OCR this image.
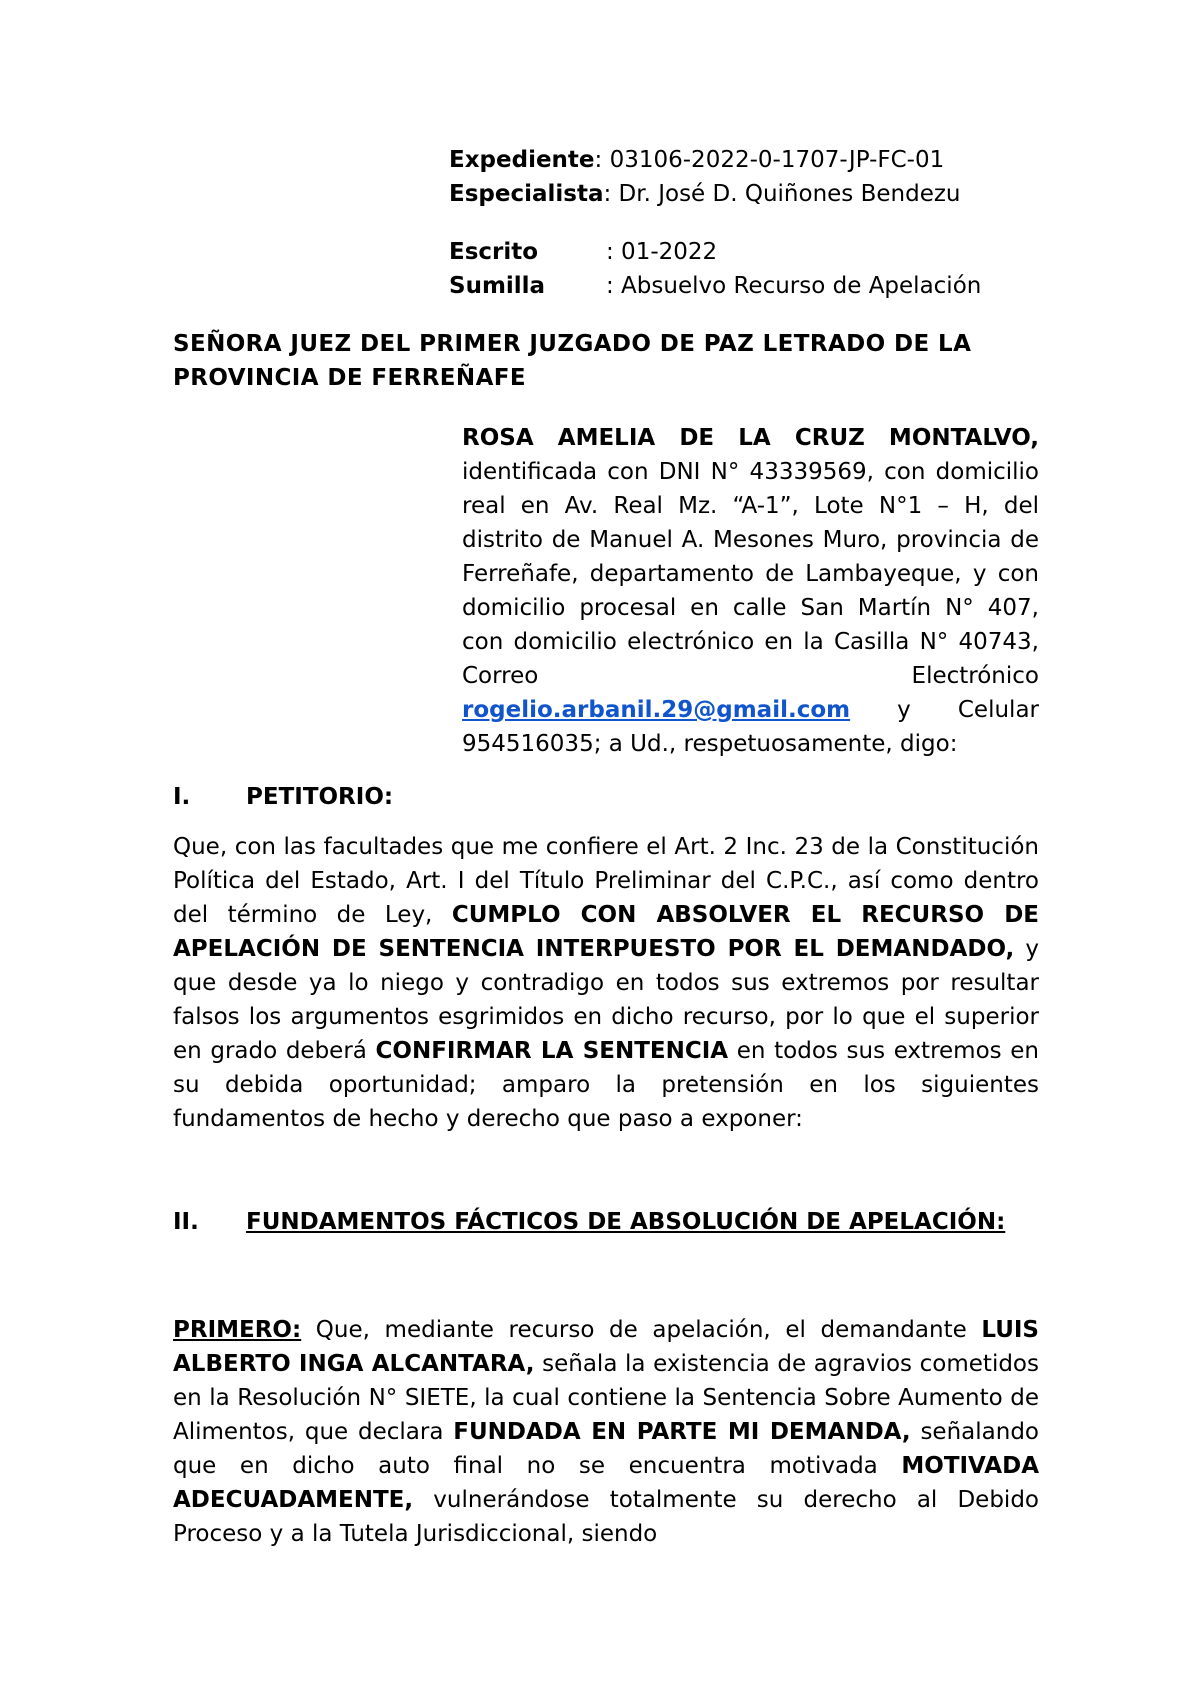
Expediente : 03106-2022-0-1707-JP-FC-01
Especialista : Dr. José D. Quiñones Bendezu
Escrito	: 01-2022
Sumilla	: Absuelvo Recurso de Apelación
SEÑORA JUEZ DEL PRIMER JUZGADO DE PAZ LETRADO DE LA PROVINCIA DE FERREÑAFE

ROSA AMELIA DE LA CRUZ MONTALVO, identificada con DNI N° 43339569, con domicilio real en Av. Real Mz. “A-1”, Lote N°1 – H, del distrito de Manuel A. Mesones Muro, provincia de Ferreñafe, departamento de Lambayeque, y con domicilio procesal en calle San Martín N° 407, con domicilio electrónico en la Casilla N° 40743, Correo Electrónico rogelio.arbanil.29@gmail.com y Celular 954516035; a Ud., respetuosamente, digo:

I.	PETITORIO:

Que, con las facultades que me confiere el Art. 2 Inc. 23 de la Constitución Política del Estado, Art. I del Título Preliminar del C.P.C., así como dentro del término de Ley, CUMPLO CON ABSOLVER EL RECURSO DE APELACIÓN DE SENTENCIA INTERPUESTO POR EL DEMANDADO, y que desde ya lo niego y contradigo en todos sus extremos por resultar falsos los argumentos esgrimidos en dicho recurso, por lo que el superior en grado deberá CONFIRMAR LA SENTENCIA en todos sus extremos en su debida oportunidad; amparo la pretensión en los siguientes fundamentos de hecho y derecho que paso a exponer:

II.	FUNDAMENTOS FÁCTICOS DE ABSOLUCIÓN DE APELACIÓN:

PRIMERO: Que, mediante recurso de apelación, el demandante LUIS ALBERTO INGA ALCANTARA, señala la existencia de agravios cometidos en la Resolución N° SIETE, la cual contiene la Sentencia Sobre Aumento de Alimentos, que declara FUNDADA EN PARTE MI DEMANDA, señalando que en dicho auto final no se encuentra motivada MOTIVADA ADECUADAMENTE, vulnerándose totalmente su derecho al Debido Proceso y a la Tutela Jurisdiccional, siendo
